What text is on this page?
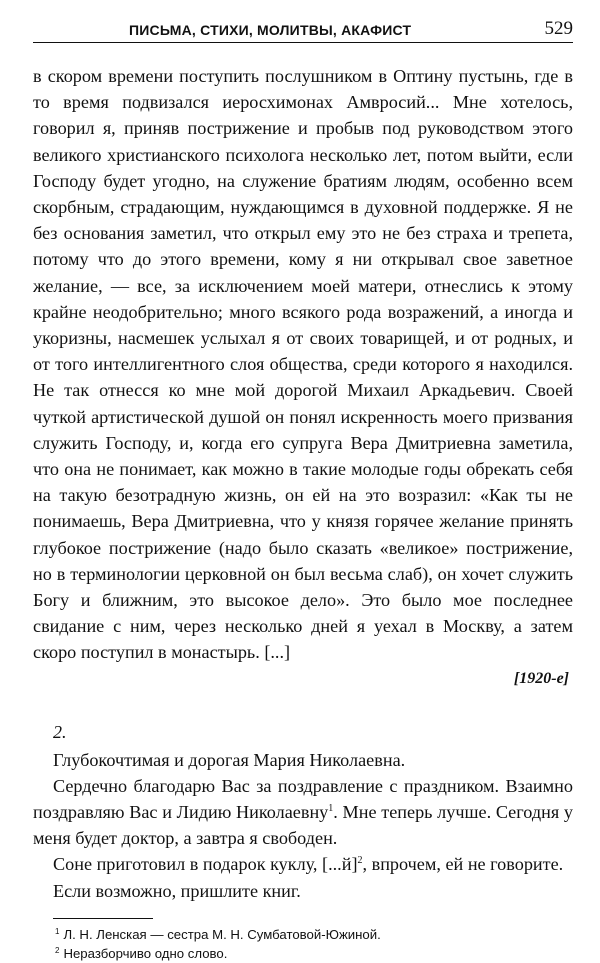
ПИСЬМА, СТИХИ, МОЛИТВЫ, АКАФИСТ	529

в скором времени поступить послушником в Оптину пустынь, где в то время подвизался иеросхимонах Амвросий... Мне хотелось, говорил я, приняв пострижение и пробыв под руководством этого великого христианского психолога несколько лет, потом выйти, если Господу будет угодно, на служение братиям людям, особенно всем скорбным, страдающим, нуждающимся в духовной поддержке. Я не без основания заметил, что открыл ему это не без страха и трепета, потому что до этого времени, кому я ни открывал свое заветное желание, — все, за исключением моей матери, отнеслись к этому крайне неодобрительно; много всякого рода возражений, а иногда и укоризны, насмешек услыхал я от своих товарищей, и от родных, и от того интеллигентного слоя общества, среди которого я находился. Не так отнесся ко мне мой дорогой Михаил Аркадьевич. Своей чуткой артистической душой он понял искренность моего призвания служить Господу, и, когда его супруга Вера Дмитриевна заметила, что она не понимает, как можно в такие молодые годы обрекать себя на такую безотрадную жизнь, он ей на это возразил: «Как ты не понимаешь, Вера Дмитриевна, что у князя горячее желание принять глубокое пострижение (надо было сказать «великое» пострижение, но в терминологии церковной он был весьма слаб), он хочет служить Богу и ближним, это высокое дело». Это было мое последнее свидание с ним, через несколько дней я уехал в Москву, а затем скоро поступил в монастырь. [...]

[1920-е]
2.

Глубокочтимая и дорогая Мария Николаевна.

Сердечно благодарю Вас за поздравление с праздником. Взаимно поздравляю Вас и Лидию Николаевну$^1$. Мне теперь лучше. Сегодня у меня будет доктор, а завтра я свободен.

Соне приготовил в подарок куклу, $[...й]^2$, впрочем, ей не говорите.

Если возможно, пришлите книг.

$^1$ Л. Н. Ленская — сестра М. Н. Сумбатовой-Южиной.
$^2$ Неразборчиво одно слово.
